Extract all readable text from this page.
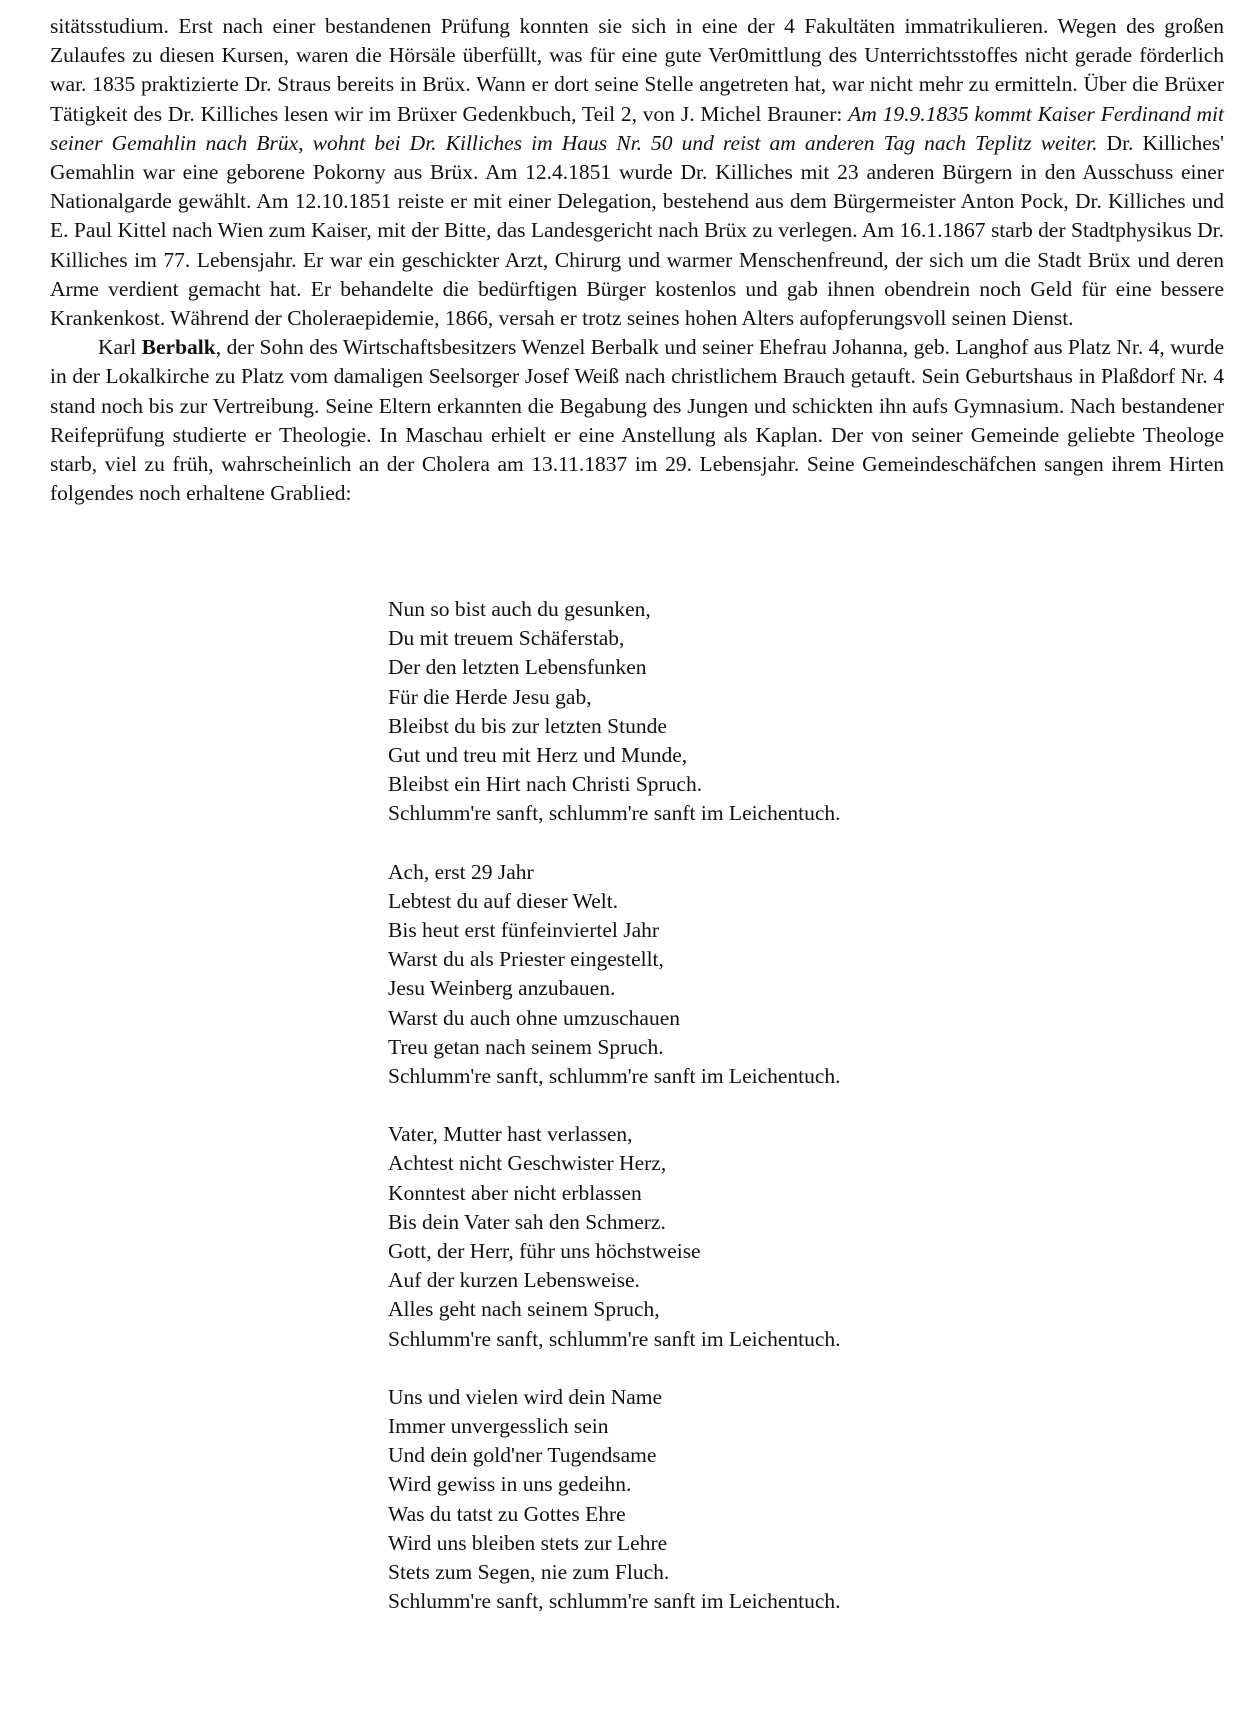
sitätsstudium. Erst nach einer bestandenen Prüfung konnten sie sich in eine der 4 Fakultäten immatrikulieren. Wegen des großen Zulaufes zu diesen Kursen, waren die Hörsäle überfüllt, was für eine gute Ver0mittlung des Unterrichtsstoffes nicht gerade förderlich war. 1835 praktizierte Dr. Straus bereits in Brüx. Wann er dort seine Stelle angetreten hat, war nicht mehr zu ermitteln. Über die Brüxer Tätigkeit des Dr. Killiches lesen wir im Brüxer Gedenkbuch, Teil 2, von J. Michel Brauner: Am 19.9.1835 kommt Kaiser Ferdinand mit seiner Gemahlin nach Brüx, wohnt bei Dr. Killiches im Haus Nr. 50 und reist am anderen Tag nach Teplitz weiter. Dr. Killiches' Gemahlin war eine geborene Pokorny aus Brüx. Am 12.4.1851 wurde Dr. Killiches mit 23 anderen Bürgern in den Ausschuss einer Nationalgarde gewählt. Am 12.10.1851 reiste er mit einer Delegation, bestehend aus dem Bürgermeister Anton Pock, Dr. Killiches und E. Paul Kittel nach Wien zum Kaiser, mit der Bitte, das Landesgericht nach Brüx zu verlegen. Am 16.1.1867 starb der Stadtphysikus Dr. Killiches im 77. Lebensjahr. Er war ein geschickter Arzt, Chirurg und warmer Menschenfreund, der sich um die Stadt Brüx und deren Arme verdient gemacht hat. Er behandelte die bedürftigen Bürger kostenlos und gab ihnen obendrein noch Geld für eine bessere Krankenkost. Während der Choleraepidemie, 1866, versah er trotz seines hohen Alters aufopferungsvoll seinen Dienst.

Karl Berbalk, der Sohn des Wirtschaftsbesitzers Wenzel Berbalk und seiner Ehefrau Johanna, geb. Langhof aus Platz Nr. 4, wurde in der Lokalkirche zu Platz vom damaligen Seelsorger Josef Weiß nach christlichem Brauch getauft. Sein Geburtshaus in Plaßdorf Nr. 4 stand noch bis zur Vertreibung. Seine Eltern erkannten die Begabung des Jungen und schickten ihn aufs Gymnasium. Nach bestandener Reifeprüfung studierte er Theologie. In Maschau erhielt er eine Anstellung als Kaplan. Der von seiner Gemeinde geliebte Theologe starb, viel zu früh, wahrscheinlich an der Cholera am 13.11.1837 im 29. Lebensjahr. Seine Gemeindeschäfchen sangen ihrem Hirten folgendes noch erhaltene Grablied:

Nun so bist auch du gesunken,
Du mit treuem Schäferstab,
Der den letzten Lebensfunken
Für die Herde Jesu gab,
Bleibst du bis zur letzten Stunde
Gut und treu mit Herz und Munde,
Bleibst ein Hirt nach Christi Spruch.
Schlumm're sanft, schlumm're sanft im Leichentuch.
Ach, erst 29 Jahr
Lebtest du auf dieser Welt.
Bis heut erst fünfeinviertel Jahr
Warst du als Priester eingestellt,
Jesu Weinberg anzubauen.
Warst du auch ohne umzuschauen
Treu getan nach seinem Spruch.
Schlumm're sanft, schlumm're sanft im Leichentuch.
Vater, Mutter hast verlassen,
Achtest nicht Geschwister Herz,
Konntest aber nicht erblassen
Bis dein Vater sah den Schmerz.
Gott, der Herr, führ uns höchstweise
Auf der kurzen Lebensweise.
Alles geht nach seinem Spruch,
Schlumm're sanft, schlumm're sanft im Leichentuch.
Uns und vielen wird dein Name
Immer unvergesslich sein
Und dein gold'ner Tugendsame
Wird gewiss in uns gedeihn.
Was du tatst zu Gottes Ehre
Wird uns bleiben stets zur Lehre
Stets zum Segen, nie zum Fluch.
Schlumm're sanft, schlumm're sanft im Leichentuch.
